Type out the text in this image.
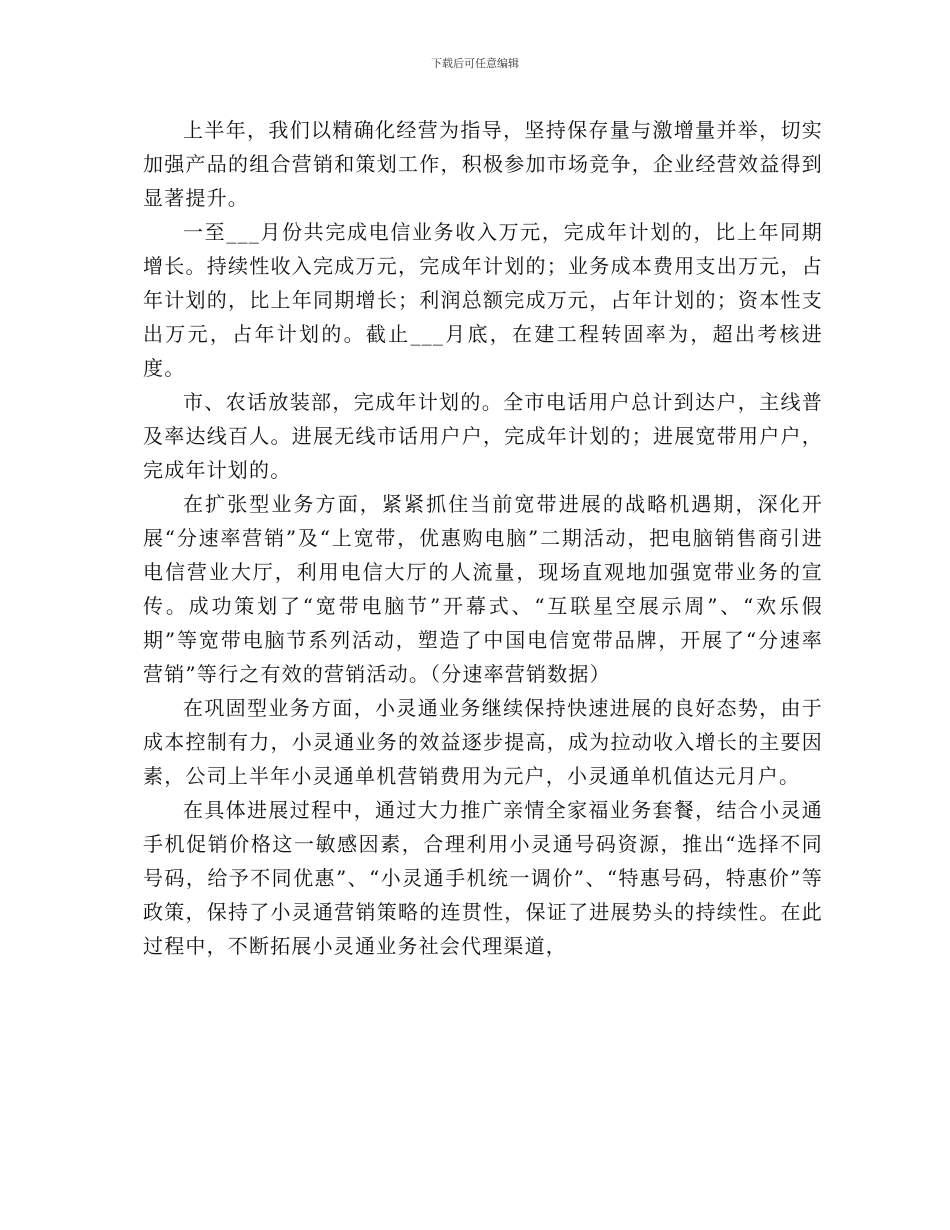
下载后可任意编辑

上半年，我们以精确化经营为指导，坚持保存量与激增量并举，切实加强产品的组合营销和策划工作，积极参加市场竞争，企业经营效益得到显著提升。

一至___月份共完成电信业务收入万元，完成年计划的，比上年同期增长。持续性收入完成万元，完成年计划的；业务成本费用支出万元，占年计划的，比上年同期增长；利润总额完成万元，占年计划的；资本性支出万元，占年计划的。截止___月底，在建工程转固率为，超出考核进度。

市、农话放装部，完成年计划的。全市电话用户总计到达户，主线普及率达线百人。进展无线市话用户户，完成年计划的；进展宽带用户户，完成年计划的。

在扩张型业务方面，紧紧抓住当前宽带进展的战略机遇期，深化开展“分速率营销”及“上宽带，优惠购电脑”二期活动，把电脑销售商引进电信营业大厅，利用电信大厅的人流量，现场直观地加强宽带业务的宣传。成功策划了“宽带电脑节”开幕式、“互联星空展示周”、“欢乐假期”等宽带电脑节系列活动，塑造了中国电信宽带品牌，开展了“分速率营销”等行之有效的营销活动。（分速率营销数据）

在巩固型业务方面，小灵通业务继续保持快速进展的良好态势，由于成本控制有力，小灵通业务的效益逐步提高，成为拉动收入增长的主要因素，公司上半年小灵通单机营销费用为元户，小灵通单机值达元月户。

在具体进展过程中，通过大力推广亲情全家福业务套餐，结合小灵通手机促销价格这一敏感因素，合理利用小灵通号码资源，推出“选择不同号码，给予不同优惠”、“小灵通手机统一调价”、“特惠号码，特惠价”等政策，保持了小灵通营销策略的连贯性，保证了进展势头的持续性。在此过程中，不断拓展小灵通业务社会代理渠道，
